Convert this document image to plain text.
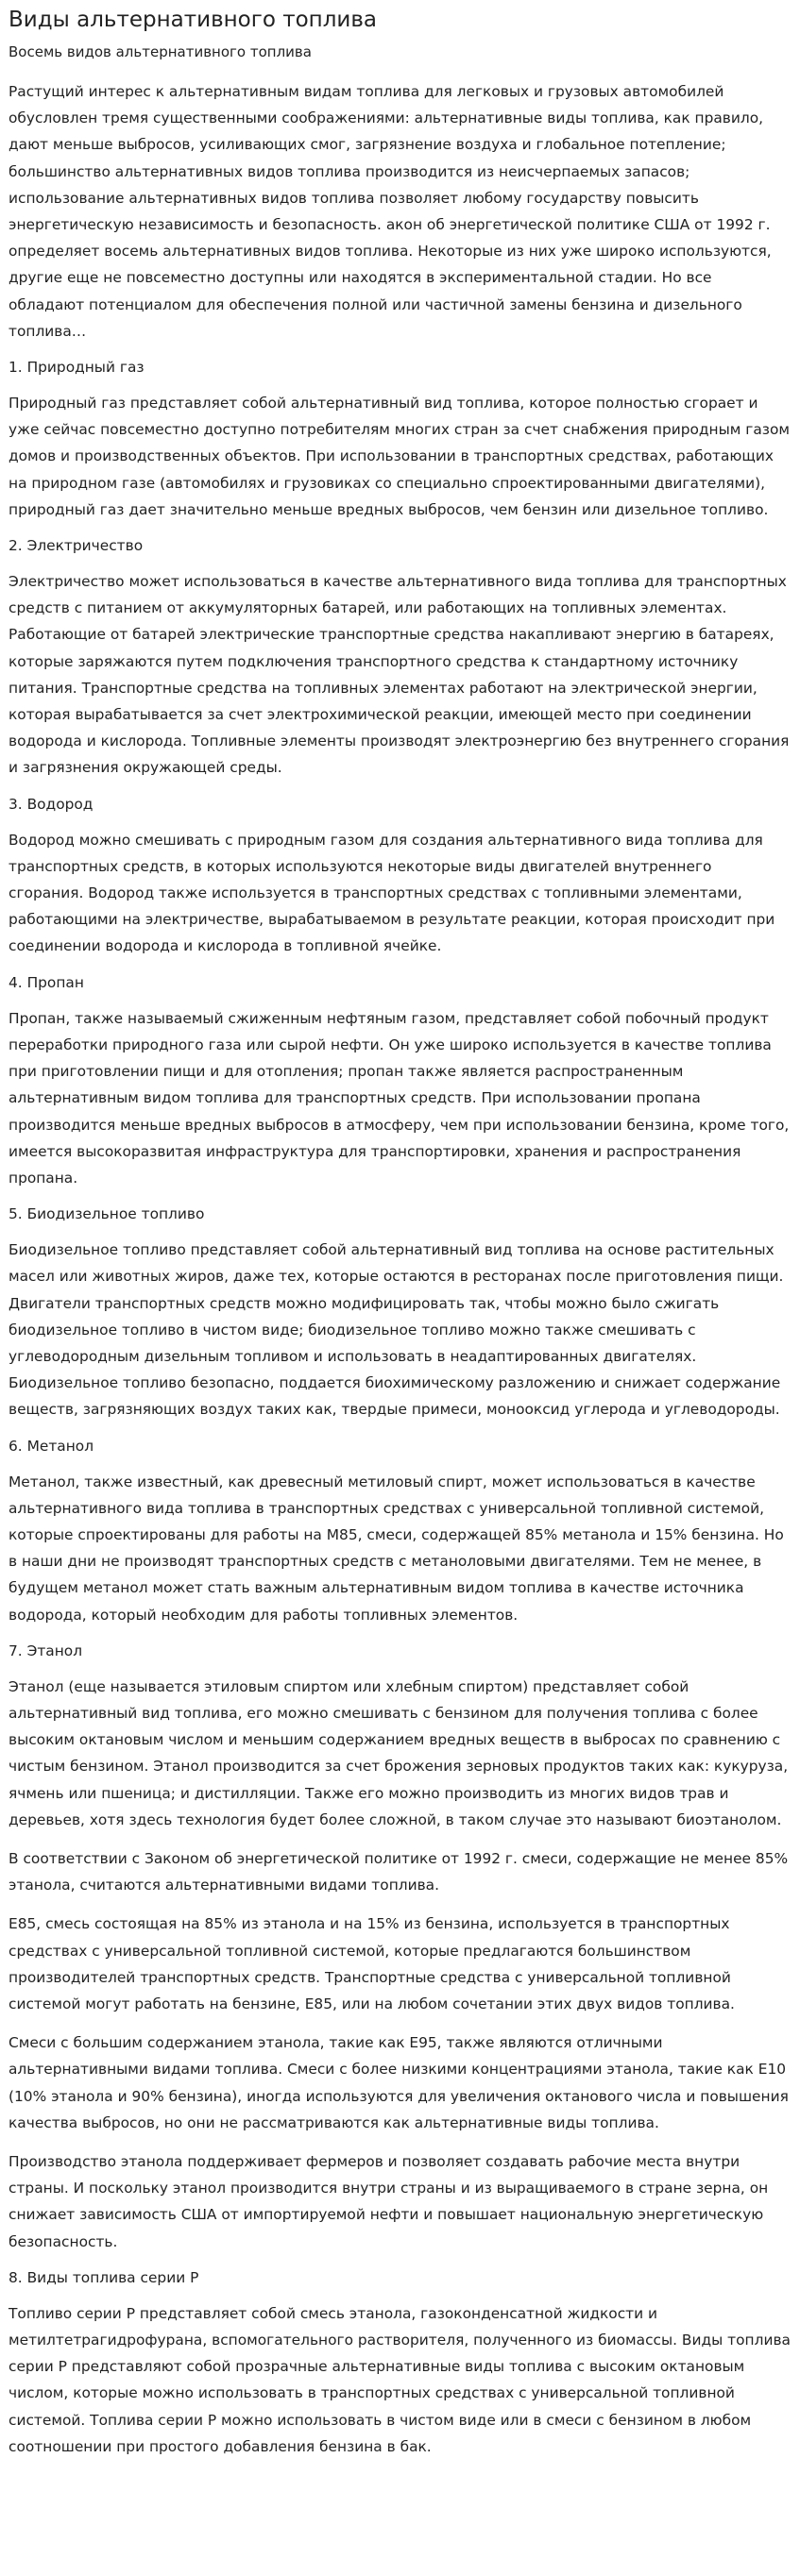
Виды альтернативного топлива
Восемь видов альтернативного топлива

Растущий интерес к альтернативным видам топлива для легковых и грузовых автомобилей обусловлен тремя существенными соображениями: альтернативные виды топлива, как правило, дают меньше выбросов, усиливающих смог, загрязнение воздуха и глобальное потепление; большинство альтернативных видов топлива производится из неисчерпаемых запасов; использование альтернативных видов топлива позволяет любому государству повысить энергетическую независимость и безопасность. акон об энергетической политике США от 1992 г. определяет восемь альтернативных видов топлива. Некоторые из них уже широко используются, другие еще не повсеместно доступны или находятся в экспериментальной стадии. Но все обладают потенциалом для обеспечения полной или частичной замены бензина и дизельного топлива…

1. Природный газ

Природный газ представляет собой альтернативный вид топлива, которое полностью сгорает и уже сейчас повсеместно доступно потребителям многих стран за счет снабжения природным газом домов и производственных объектов. При использовании в транспортных средствах, работающих на природном газе (автомобилях и грузовиках со специально спроектированными двигателями), природный газ дает значительно меньше вредных выбросов, чем бензин или дизельное топливо.

2. Электричество

Электричество может использоваться в качестве альтернативного вида топлива для транспортных средств с питанием от аккумуляторных батарей, или работающих на топливных элементах. Работающие от батарей электрические транспортные средства накапливают энергию в батареях, которые заряжаются путем подключения транспортного средства к стандартному источнику питания. Транспортные средства на топливных элементах работают на электрической энергии, которая вырабатывается за счет электрохимической реакции, имеющей место при соединении водорода и кислорода. Топливные элементы производят электроэнергию без внутреннего сгорания и загрязнения окружающей среды.

3. Водород

Водород можно смешивать с природным газом для создания альтернативного вида топлива для транспортных средств, в которых используются некоторые виды двигателей внутреннего сгорания. Водород также используется в транспортных средствах с топливными элементами, работающими на электричестве, вырабатываемом в результате реакции, которая происходит при соединении водорода и кислорода в топливной ячейке.

4. Пропан

Пропан, также называемый сжиженным нефтяным газом, представляет собой побочный продукт переработки природного газа или сырой нефти. Он уже широко используется в качестве топлива при приготовлении пищи и для отопления; пропан также является распространенным альтернативным видом топлива для транспортных средств. При использовании пропана производится меньше вредных выбросов в атмосферу, чем при использовании бензина, кроме того, имеется высокоразвитая инфраструктура для транспортировки, хранения и распространения пропана.

5. Биодизельное топливо

Биодизельное топливо представляет собой альтернативный вид топлива на основе растительных масел или животных жиров, даже тех, которые остаются в ресторанах после приготовления пищи. Двигатели транспортных средств можно модифицировать так, чтобы можно было сжигать биодизельное топливо в чистом виде; биодизельное топливо можно также смешивать с углеводородным дизельным топливом и использовать в неадаптированных двигателях. Биодизельное топливо безопасно, поддается биохимическому разложению и снижает содержание веществ, загрязняющих воздух таких как, твердые примеси, монооксид углерода и углеводороды.

6. Метанол

Метанол, также известный, как древесный метиловый спирт, может использоваться в качестве альтернативного вида топлива в транспортных средствах с универсальной топливной системой, которые спроектированы для работы на М85, смеси, содержащей 85% метанола и 15% бензина. Но в наши дни не производят транспортных средств с метаноловыми двигателями. Тем не менее, в будущем метанол может стать важным альтернативным видом топлива в качестве источника водорода, который необходим для работы топливных элементов.

7. Этанол

Этанол (еще называется этиловым спиртом или хлебным спиртом) представляет собой альтернативный вид топлива, его можно смешивать с бензином для получения топлива с более высоким октановым числом и меньшим содержанием вредных веществ в выбросах по сравнению с чистым бензином. Этанол производится за счет брожения зерновых продуктов таких как: кукуруза, ячмень или пшеница; и дистилляции. Также его можно производить из многих видов трав и деревьев, хотя здесь технология будет более сложной, в таком случае это называют биоэтанолом.

В соответствии с Законом об энергетической политике от 1992 г. смеси, содержащие не менее 85% этанола, считаются альтернативными видами топлива.

E85, смесь состоящая на 85% из этанола и на 15% из бензина, используется в транспортных средствах с универсальной топливной системой, которые предлагаются большинством производителей транспортных средств. Транспортные средства с универсальной топливной системой могут работать на бензине, E85, или на любом сочетании этих двух видов топлива.

Смеси с большим содержанием этанола, такие как E95, также являются отличными альтернативными видами топлива. Смеси с более низкими концентрациями этанола, такие как E10 (10% этанола и 90% бензина), иногда используются для увеличения октанового числа и повышения качества выбросов, но они не рассматриваются как альтернативные виды топлива.

Производство этанола поддерживает фермеров и позволяет создавать рабочие места внутри страны. И поскольку этанол производится внутри страны и из выращиваемого в стране зерна, он снижает зависимость США от импортируемой нефти и повышает национальную энергетическую безопасность.

8. Виды топлива серии P

Топливо серии P представляет собой смесь этанола, газоконденсатной жидкости и метилтетрагидрофурана, вспомогательного растворителя, полученного из биомассы. Виды топлива серии P представляют собой прозрачные альтернативные виды топлива с высоким октановым числом, которые можно использовать в транспортных средствах с универсальной топливной системой. Топлива серии P можно использовать в чистом виде или в смеси с бензином в любом соотношении при простого добавления бензина в бак.
